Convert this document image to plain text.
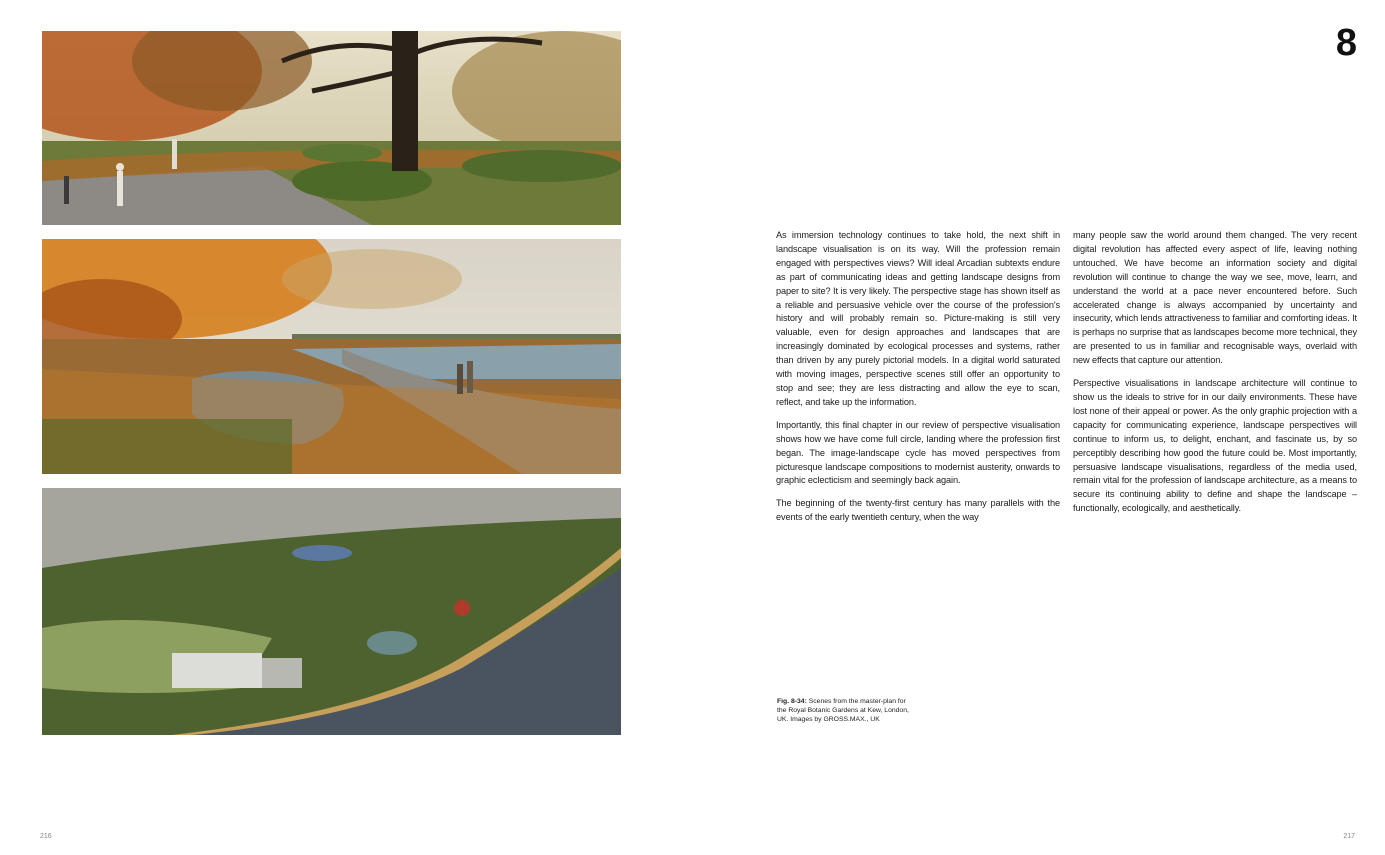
8

As immersion technology continues to take hold, the next shift in landscape visualisation is on its way. Will the profession remain engaged with perspectives views? Will ideal Arcadian subtexts endure as part of communicating ideas and getting landscape designs from paper to site? It is very likely. The perspective stage has shown itself as a reliable and persuasive vehicle over the course of the profession's history and will probably remain so. Picture-making is still very valuable, even for design approaches and landscapes that are increasingly dominated by ecological processes and systems, rather than driven by any purely pictorial models. In a digital world saturated with moving images, perspective scenes still offer an opportunity to stop and see; they are less distracting and allow the eye to scan, reflect, and take up the information.

Importantly, this final chapter in our review of perspective visualisation shows how we have come full circle, landing where the profession first began. The image-landscape cycle has moved perspectives from picturesque landscape compositions to modernist austerity, onwards to graphic eclecticism and seemingly back again.

The beginning of the twenty-first century has many parallels with the events of the early twentieth century, when the way

many people saw the world around them changed. The very recent digital revolution has affected every aspect of life, leaving nothing untouched. We have become an information society and digital revolution will continue to change the way we see, move, learn, and understand the world at a pace never encountered before. Such accelerated change is always accompanied by uncertainty and insecurity, which lends attractiveness to familiar and comforting ideas. It is perhaps no surprise that as landscapes become more technical, they are presented to us in familiar and recognisable ways, overlaid with new effects that capture our attention.

Perspective visualisations in landscape architecture will continue to show us the ideals to strive for in our daily environments. These have lost none of their appeal or power. As the only graphic projection with a capacity for communicating experience, landscape perspectives will continue to inform us, to delight, enchant, and fascinate us, by so perceptibly describing how good the future could be. Most importantly, persuasive landscape visualisations, regardless of the media used, remain vital for the profession of landscape architecture, as a means to secure its continuing ability to define and shape the landscape – functionally, ecologically, and aesthetically.

Fig. 8-34: Scenes from the master-plan for the Royal Botanic Gardens at Kew, London, UK. Images by GROSS.MAX., UK
216	217
